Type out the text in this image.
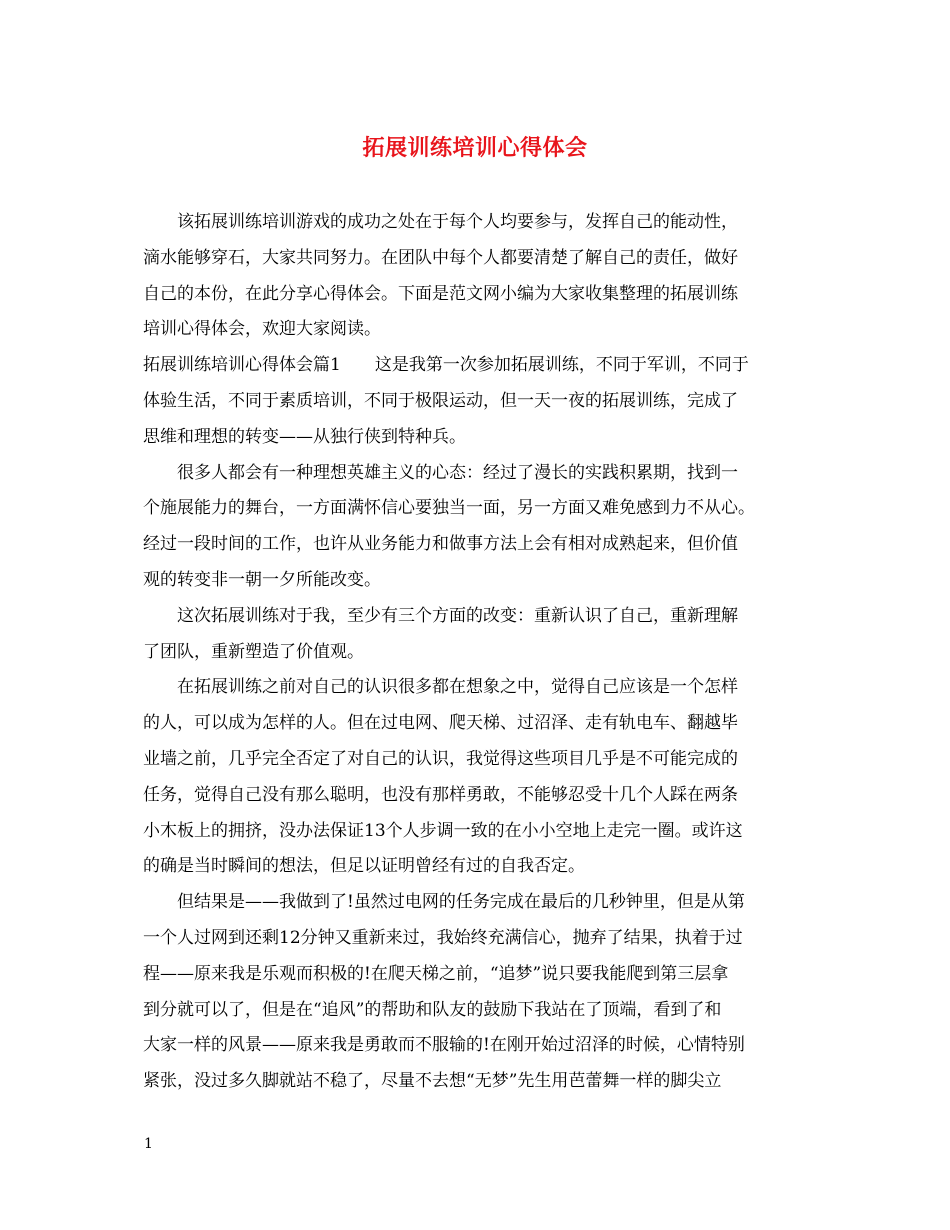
拓展训练培训心得体会
　　该拓展训练培训游戏的成功之处在于每个人均要参与，发挥自己的能动性，
滴水能够穿石，大家共同努力。在团队中每个人都要清楚了解自己的责任，做好
自己的本份，在此分享心得体会。下面是范文网小编为大家收集整理的拓展训练
培训心得体会，欢迎大家阅读。
拓展训练培训心得体会篇1　　这是我第一次参加拓展训练，不同于军训，不同于
体验生活，不同于素质培训，不同于极限运动，但一天一夜的拓展训练，完成了
思维和理想的转变——从独行侠到特种兵。
　　很多人都会有一种理想英雄主义的心态：经过了漫长的实践积累期，找到一
个施展能力的舞台，一方面满怀信心要独当一面，另一方面又难免感到力不从心。
经过一段时间的工作，也许从业务能力和做事方法上会有相对成熟起来，但价值
观的转变非一朝一夕所能改变。
　　这次拓展训练对于我，至少有三个方面的改变：重新认识了自己，重新理解
了团队，重新塑造了价值观。
　　在拓展训练之前对自己的认识很多都在想象之中，觉得自己应该是一个怎样
的人，可以成为怎样的人。但在过电网、爬天梯、过沼泽、走有轨电车、翻越毕
业墙之前，几乎完全否定了对自己的认识，我觉得这些项目几乎是不可能完成的
任务，觉得自己没有那么聪明，也没有那样勇敢，不能够忍受十几个人踩在两条
小木板上的拥挤，没办法保证13个人步调一致的在小小空地上走完一圈。或许这
的确是当时瞬间的想法，但足以证明曾经有过的自我否定。
　　但结果是——我做到了!虽然过电网的任务完成在最后的几秒钟里，但是从第
一个人过网到还剩12分钟又重新来过，我始终充满信心，抛弃了结果，执着于过
程——原来我是乐观而积极的!在爬天梯之前，“追梦”说只要我能爬到第三层拿
到分就可以了，但是在“追风”的帮助和队友的鼓励下我站在了顶端，看到了和
大家一样的风景——原来我是勇敢而不服输的!在刚开始过沼泽的时候，心情特别
紧张，没过多久脚就站不稳了，尽量不去想“无梦”先生用芭蕾舞一样的脚尖立
1
